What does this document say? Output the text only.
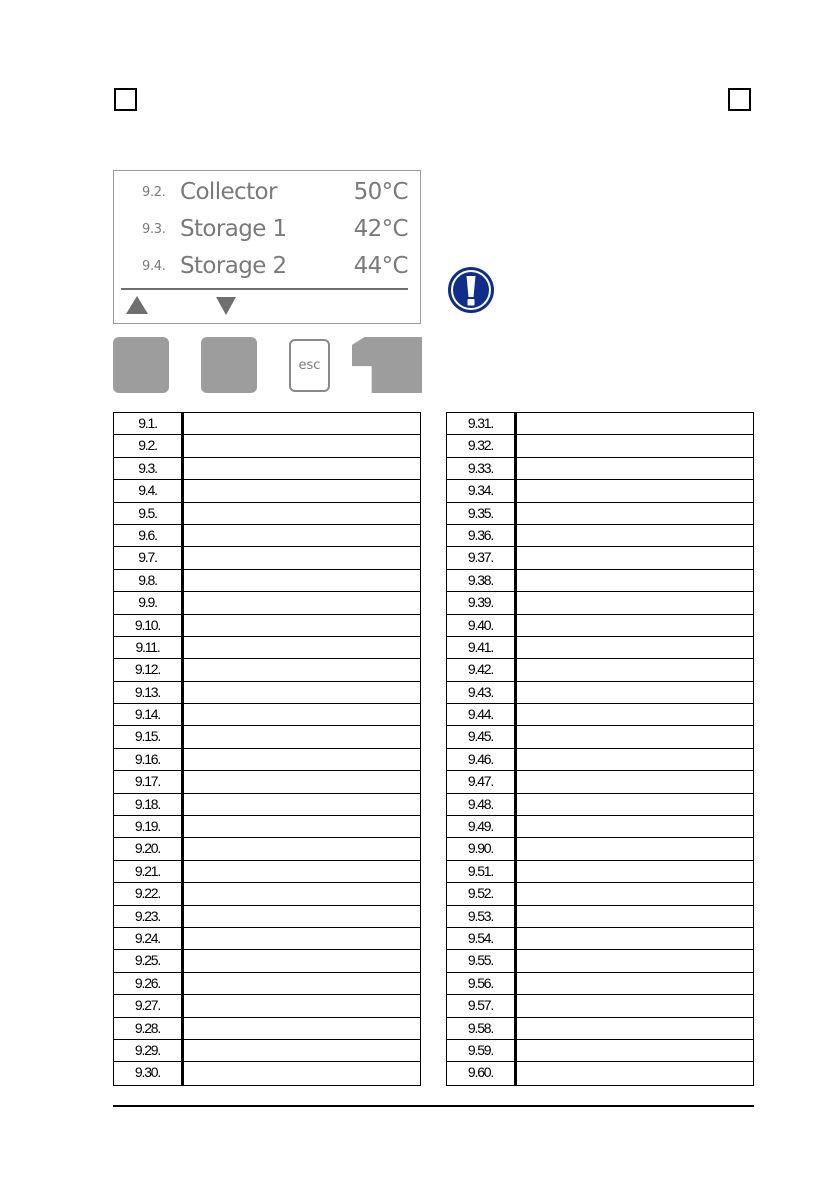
9.2. Collector	50°C
9.3. Storage 1	42°C
9.4. Storage 2	44°C
esc
9.1.
9.2.
9.3.
9.4.
9.5.
9.6.
9.7.
9.8.
9.9.
9.10.
9.11.
9.12.
9.13.
9.14.
9.15.
9.16.
9.17.
9.18.
9.19.
9.20.
9.21.
9.22.
9.23.
9.24.
9.25.
9.26.
9.27.
9.28.
9.29.
9.30.
9.31.
9.32.
9.33.
9.34.
9.35.
9.36.
9.37.
9.38.
9.39.
9.40.
9.41.
9.42.
9.43.
9.44.
9.45.
9.46.
9.47.
9.48.
9.49.
9.90.
9.51.
9.52.
9.53.
9.54.
9.55.
9.56.
9.57.
9.58.
9.59.
9.60.
